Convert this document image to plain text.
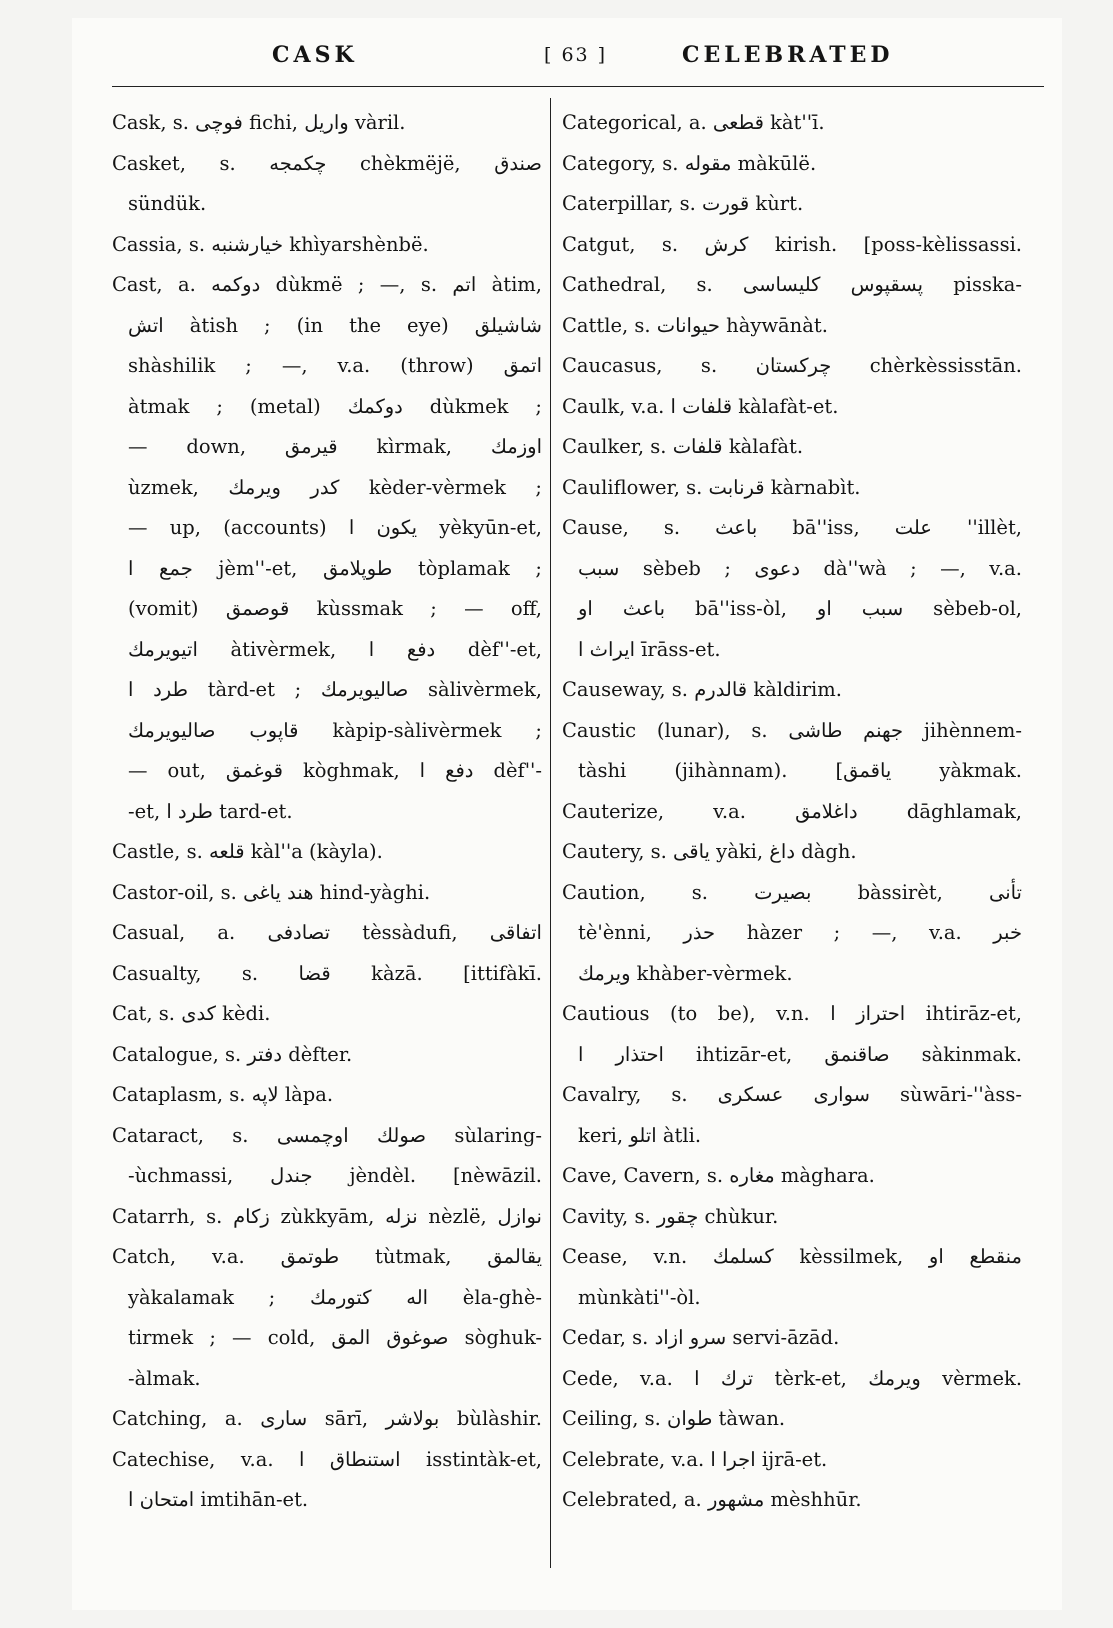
CASK	[ 63 ]	CELEBRATED
Cask, s. فوچی fichi, واریل vàril.
Casket, s. چکمجه chèkmëjë, صندق
sündük.
Cassia, s. خیارشنبه khìyarshènbë.
Cast, a. دوکمه dùkmë ; —, s. اتم àtim,
اتش àtish ; (in the eye) شاشیلق
shàshilik ; —, v.a. (throw) اتمق
àtmak ; (metal) دوکمك dùkmek ;
— down, قیرمق kìrmak, اوزمك
ùzmek, کدر ویرمك kèder-vèrmek ;
— up, (accounts) یکون ا yèkyūn-et,
جمع ا jèm''-et, طوپلامق tòplamak ;
(vomit) قوصمق kùssmak ; — off,
اتیویرمك àtivèrmek, دفع ا dèf''-et,
طرد ا tàrd-et ; صالیویرمك sàlivèrmek,
قاپوب صالیویرمك kàpip-sàlivèrmek ;
— out, قوغمق kòghmak, دفع ا dèf''-
-et, طرد ا tard-et.
Castle, s. قلعه kàl''a (kàyla).
Castor-oil, s. هند یاغی hind-yàghi.
Casual, a. تصادفی tèssàdufi, اتفاقی
Casualty, s. قضا kàzā. [ittifàkī.
Cat, s. کدی kèdi.
Catalogue, s. دفتر dèfter.
Cataplasm, s. لاپه làpa.
Cataract, s. صولك اوچمسی sùlaring-
-ùchmassi, جندل jèndèl. [nèwāzil.
Catarrh, s. زکام zùkkyām, نزله nèzlë, نوازل
Catch, v.a. طوتمق tùtmak, یقالمق
yàkalamak ; اله کتورمك èla-ghè-
tirmek ; — cold, صوغوق المق sòghuk-
-àlmak.
Catching, a. ساری sārī, بولاشر bùlàshir.
Catechise, v.a. استنطاق ا isstintàk-et,
امتحان ا imtihān-et.
Categorical, a. قطعی kàt''ī.
Category, s. مقوله màkūlë.
Caterpillar, s. قورت kùrt.
Catgut, s. کرش kirish. [poss-kèlissassi.
Cathedral, s. پسقپوس کلیساسی pisska-
Cattle, s. حیوانات hàywānàt.
Caucasus, s. چرکستان chèrkèssisstān.
Caulk, v.a. قلفات ا kàlafàt-et.
Caulker, s. قلفات kàlafàt.
Cauliflower, s. قرنابت kàrnabìt.
Cause, s. باعث bā''iss, علت ''illèt,
سبب sèbeb ; دعوی dà''wà ; —, v.a.
باعث او bā''iss-òl, سبب او sèbeb-ol,
ایراث ا īrāss-et.
Causeway, s. قالدرم kàldirim.
Caustic (lunar), s. جهنم طاشی jihènnem-
tàshi (jihànnam). [یاقمق yàkmak.
Cauterize, v.a. داغلامق dāghlamak,
Cautery, s. یاقی yàki, داغ dàgh.
Caution, s. بصیرت bàssirèt, تأنی
tè'ènni, حذر hàzer ; —, v.a. خبر
ویرمك khàber-vèrmek.
Cautious (to be), v.n. احتراز ا ihtirāz-et,
احتذار ا ihtizār-et, صاقنمق sàkinmak.
Cavalry, s. سواری عسکری sùwāri-''àss-
keri, اتلو àtli.
Cave, Cavern, s. مغاره màghara.
Cavity, s. چقور chùkur.
Cease, v.n. کسلمك kèssilmek, منقطع او
mùnkàti''-òl.
Cedar, s. سرو ازاد servi-āzād.
Cede, v.a. ترك ا tèrk-et, ویرمك vèrmek.
Ceiling, s. طوان tàwan.
Celebrate, v.a. اجرا ا ijrā-et.
Celebrated, a. مشهور mèshhūr.
